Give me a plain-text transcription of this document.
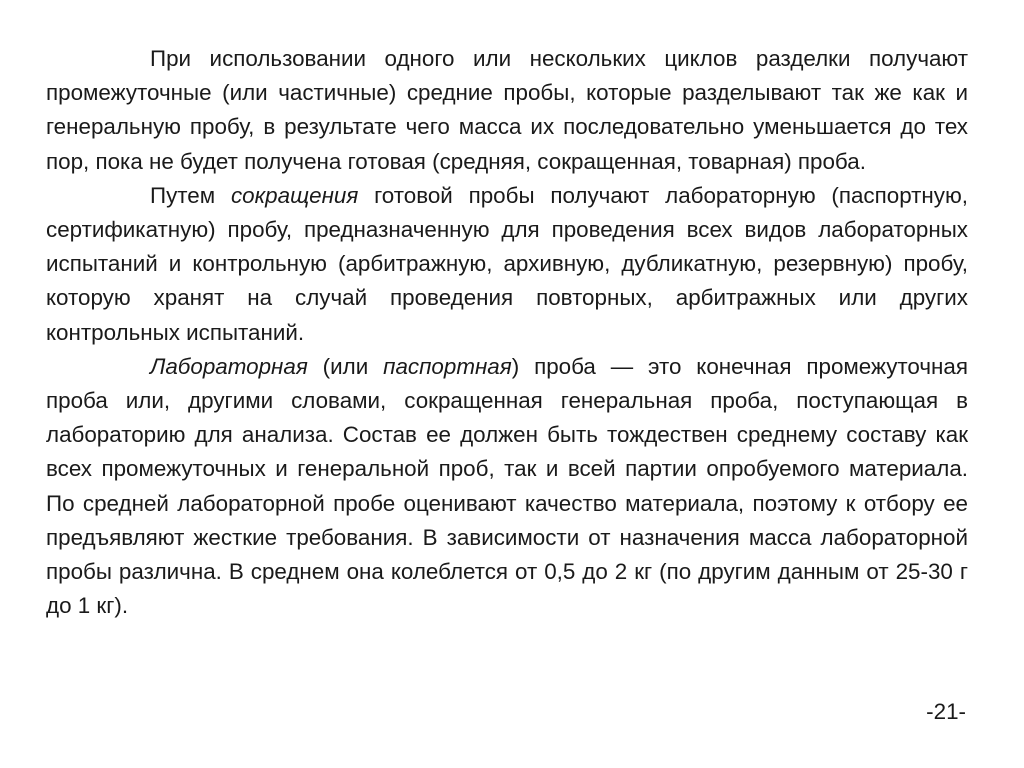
При использовании одного или нескольких циклов разделки получают промежуточные (или частичные) средние пробы, которые разделывают так же как и генеральную пробу, в результате чего масса их последовательно уменьшается до тех пор, пока не будет получена готовая (средняя, сокращенная, товарная) проба.

Путем сокращения готовой пробы получают лабораторную (паспортную, сертификатную) пробу, предназначенную для проведения всех видов лабораторных испытаний и контрольную (арбитражную, архивную, дубликатную, резервную) пробу, которую хранят на случай проведения повторных, арбитражных или других контрольных испытаний.

Лабораторная (или паспортная) проба — это конечная промежуточная проба или, другими словами, сокращенная генеральная проба, поступающая в лабораторию для анализа. Состав ее должен быть тождествен среднему составу как всех промежуточных и генеральной проб, так и всей партии опробуемого материала. По средней лабораторной пробе оценивают качество материала, поэтому к отбору ее предъявляют жесткие требования. В зависимости от назначения масса лабораторной пробы различна. В среднем она колеблется от 0,5 до 2 кг (по другим данным от 25-30 г до 1 кг).

-21-
